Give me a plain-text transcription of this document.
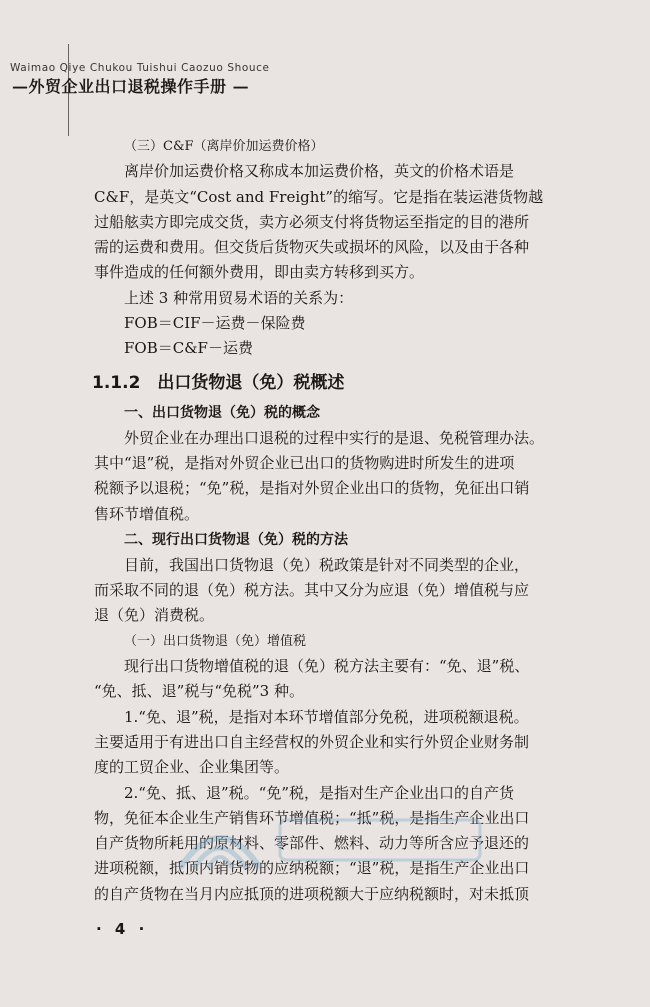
Waimao Qiye Chukou Tuishui Caozuo Shouce
—外贸企业出口退税操作手册 —
（三）C&F（离岸价加运费价格）
离岸价加运费价格又称成本加运费价格，英文的价格术语是
C&F，是英文“Cost and Freight”的缩写。它是指在装运港货物越
过船舷卖方即完成交货，卖方必须支付将货物运至指定的目的港所
需的运费和费用。但交货后货物灭失或损坏的风险，以及由于各种
事件造成的任何额外费用，即由卖方转移到买方。
上述 3 种常用贸易术语的关系为：
FOB＝CIF－运费－保险费
FOB＝C&F－运费
1.1.2　出口货物退（免）税概述
一、出口货物退（免）税的概念
外贸企业在办理出口退税的过程中实行的是退、免税管理办法。
其中“退”税，是指对外贸企业已出口的货物购进时所发生的进项
税额予以退税；“免”税，是指对外贸企业出口的货物，免征出口销
售环节增值税。
二、现行出口货物退（免）税的方法
目前，我国出口货物退（免）税政策是针对不同类型的企业，
而采取不同的退（免）税方法。其中又分为应退（免）增值税与应
退（免）消费税。
（一）出口货物退（免）增值税
现行出口货物增值税的退（免）税方法主要有：“免、退”税、
“免、抵、退”税与“免税”3 种。
1.“免、退”税，是指对本环节增值部分免税，进项税额退税。
主要适用于有进出口自主经营权的外贸企业和实行外贸企业财务制
度的工贸企业、企业集团等。
2.“免、抵、退”税。“免”税，是指对生产企业出口的自产货
物，免征本企业生产销售环节增值税；“抵”税，是指生产企业出口
自产货物所耗用的原材料、零部件、燃料、动力等所含应予退还的
进项税额，抵顶内销货物的应纳税额；“退”税，是指生产企业出口
的自产货物在当月内应抵顶的进项税额大于应纳税额时，对未抵顶
· 4 ·
